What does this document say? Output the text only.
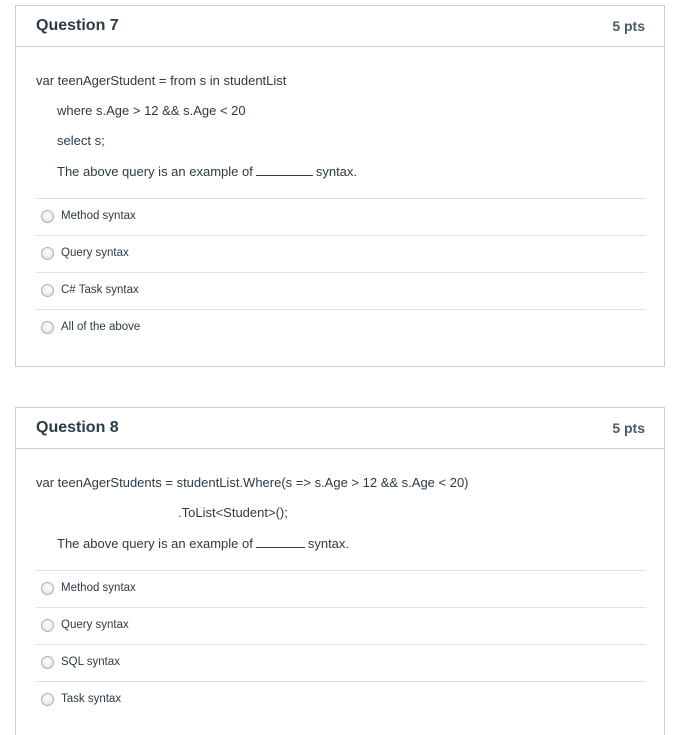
Question 7	5 pts
var teenAgerStudent = from s in studentList
where s.Age > 12 && s.Age < 20
select s;
The above query is an example of	syntax.
Method syntax
Query syntax
C# Task syntax
All of the above
Question 8	5 pts
var teenAgerStudents = studentList.Where(s => s.Age > 12 && s.Age < 20)
.ToList<Student>();
The above query is an example of	syntax.
Method syntax
Query syntax
SQL syntax
Task syntax
